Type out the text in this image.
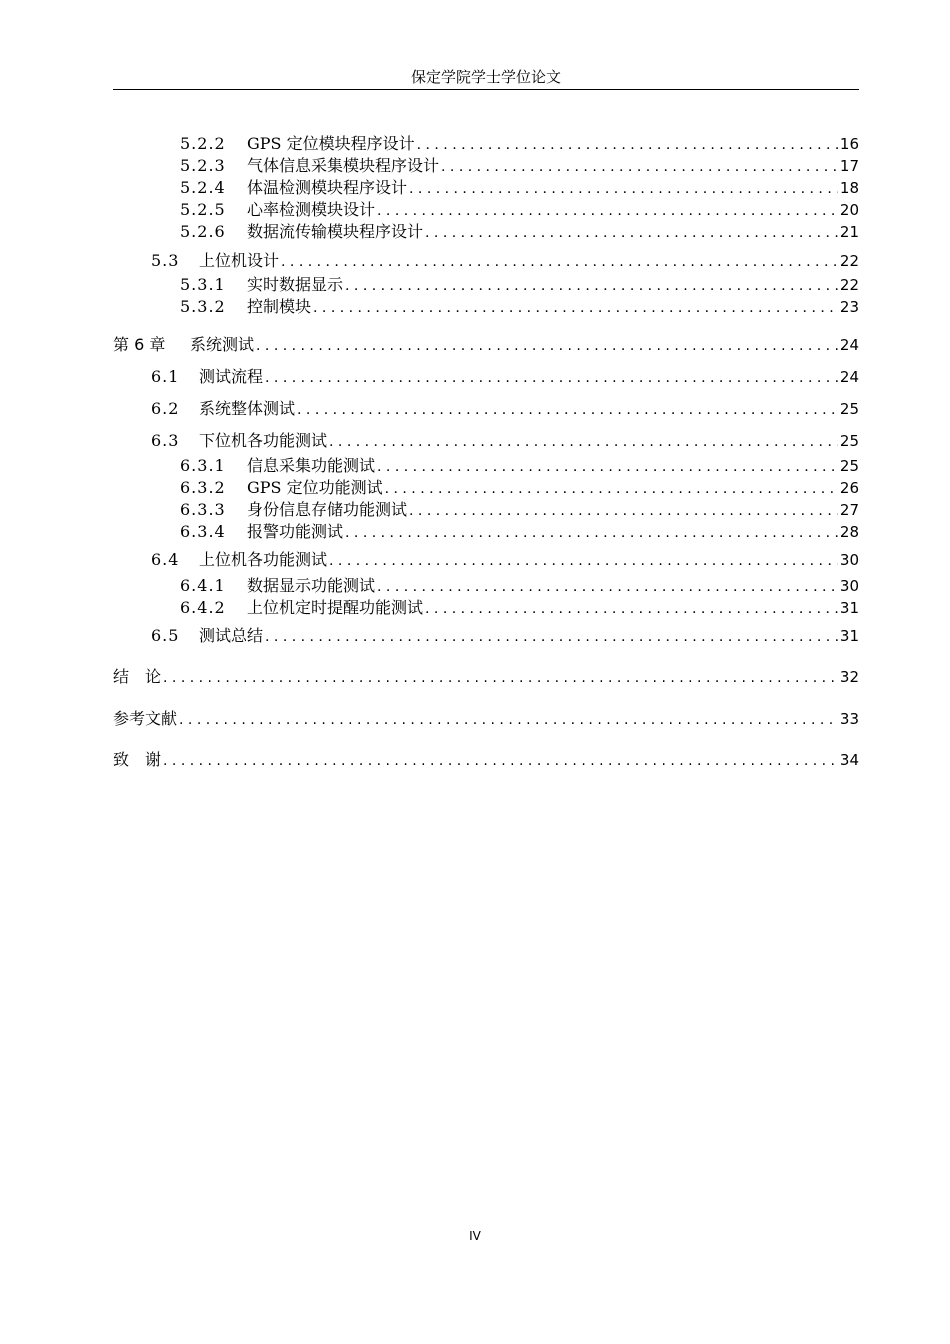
保定学院学士学位论文
5.2.2	GPS 定位模块程序设计 . . .	16
5.2.3	气体信息采集模块程序设计 . . .	17
5.2.4	体温检测模块程序设计 . . .	18
5.2.5	心率检测模块设计 . . .	20
5.2.6	数据流传输模块程序设计 . . .	21
5.3	上位机设计 . . .	22
5.3.1	实时数据显示 . . .	22
5.3.2	控制模块 . . .	23
第 6 章	系统测试 . . .	24
6.1	测试流程 . . .	24
6.2	系统整体测试 . . .	25
6.3	下位机各功能测试 . . .	25
6.3.1	信息采集功能测试 . . .	25
6.3.2	GPS 定位功能测试 . . .	26
6.3.3	身份信息存储功能测试 . . .	27
6.3.4	报警功能测试 . . .	28
6.4	上位机各功能测试 . . .	30
6.4.1	数据显示功能测试 . . .	30
6.4.2	上位机定时提醒功能测试 . . .	31
6.5	测试总结 . . .	31
结　论 . . .	32
参考文献 . . .	33
致　谢 . . .	34
IV
